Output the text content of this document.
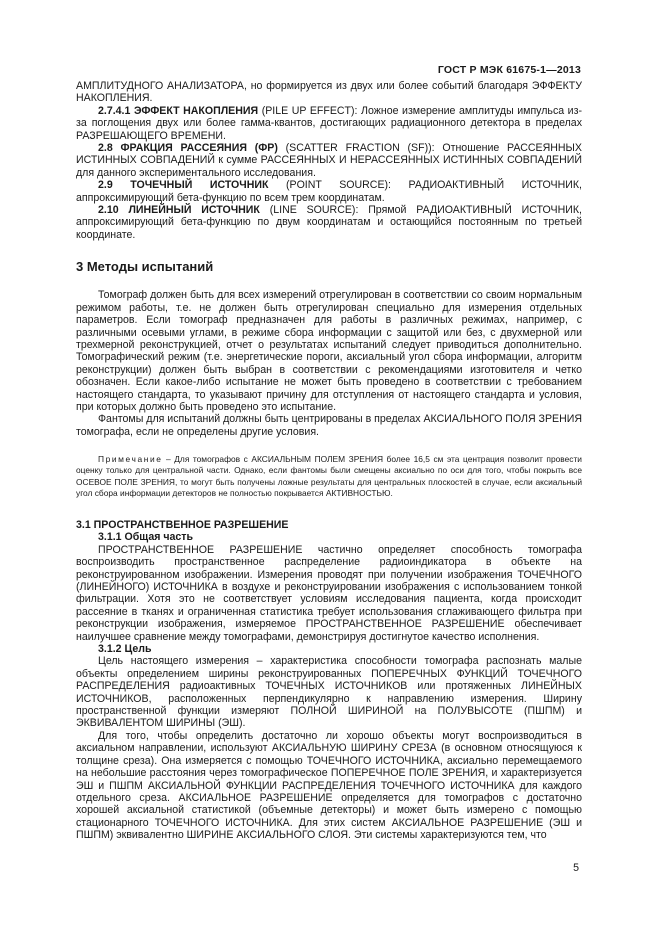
ГОСТ Р МЭК 61675-1—2013

АМПЛИТУДНОГО АНАЛИЗАТОРА, но формируется из двух или более событий благодаря ЭФФЕКТУ НАКОПЛЕНИЯ.

2.7.4.1 ЭФФЕКТ НАКОПЛЕНИЯ (PILE UP EFFECT): Ложное измерение амплитуды импульса из-за поглощения двух или более гамма-квантов, достигающих радиационного детектора в пределах РАЗРЕШАЮЩЕГО ВРЕМЕНИ.

2.8 ФРАКЦИЯ РАССЕЯНИЯ (ФР) (SCATTER FRACTION (SF)): Отношение РАССЕЯННЫХ ИСТИННЫХ СОВПАДЕНИЙ к сумме РАССЕЯННЫХ И НЕРАССЕЯННЫХ ИСТИННЫХ СОВПАДЕНИЙ для данного экспериментального исследования.

2.9 ТОЧЕЧНЫЙ ИСТОЧНИК (POINT SOURCE): РАДИОАКТИВНЫЙ ИСТОЧНИК, аппроксимирующий бета-функцию по всем трем координатам.

2.10 ЛИНЕЙНЫЙ ИСТОЧНИК (LINE SOURCE): Прямой РАДИОАКТИВНЫЙ ИСТОЧНИК, аппроксимирующий бета-функцию по двум координатам и остающийся постоянным по третьей координате.

3 Методы испытаний

Томограф должен быть для всех измерений отрегулирован в соответствии со своим нормальным режимом работы, т.е. не должен быть отрегулирован специально для измерения отдельных параметров. Если томограф предназначен для работы в различных режимах, например, с различными осевыми углами, в режиме сбора информации с защитой или без, с двухмерной или трехмерной реконструкцией, отчет о результатах испытаний следует приводиться дополнительно. Томографический режим (т.е. энергетические пороги, аксиальный угол сбора информации, алгоритм реконструкции) должен быть выбран в соответствии с рекомендациями изготовителя и четко обозначен. Если какое-либо испытание не может быть проведено в соответствии с требованием настоящего стандарта, то указывают причину для отступления от настоящего стандарта и условия, при которых должно быть проведено это испытание.

Фантомы для испытаний должны быть центрированы в пределах АКСИАЛЬНОГО ПОЛЯ ЗРЕНИЯ томографа, если не определены другие условия.

Примечание – Для томографов с АКСИАЛЬНЫМ ПОЛЕМ ЗРЕНИЯ более 16,5 см эта центрация позволит провести оценку только для центральной части. Однако, если фантомы были смещены аксиально по оси для того, чтобы покрыть все ОСЕВОЕ ПОЛЕ ЗРЕНИЯ, то могут быть получены ложные результаты для центральных плоскостей в случае, если аксиальный угол сбора информации детекторов не полностью покрывается АКТИВНОСТЬЮ.

3.1 ПРОСТРАНСТВЕННОЕ РАЗРЕШЕНИЕ
3.1.1 Общая часть

ПРОСТРАНСТВЕННОЕ РАЗРЕШЕНИЕ частично определяет способность томографа воспроизводить пространственное распределение радиоиндикатора в объекте на реконструированном изображении. Измерения проводят при получении изображения ТОЧЕЧНОГО (ЛИНЕЙНОГО) ИСТОЧНИКА в воздухе и реконструировании изображения с использованием тонкой фильтрации. Хотя это не соответствует условиям исследования пациента, когда происходит рассеяние в тканях и ограниченная статистика требует использования сглаживающего фильтра при реконструкции изображения, измеряемое ПРОСТРАНСТВЕННОЕ РАЗРЕШЕНИЕ обеспечивает наилучшее сравнение между томографами, демонстрируя достигнутое качество исполнения.

3.1.2 Цель

Цель настоящего измерения – характеристика способности томографа распознать малые объекты определением ширины реконструированных ПОПЕРЕЧНЫХ ФУНКЦИЙ ТОЧЕЧНОГО РАСПРЕДЕЛЕНИЯ радиоактивных ТОЧЕЧНЫХ ИСТОЧНИКОВ или протяженных ЛИНЕЙНЫХ ИСТОЧНИКОВ, расположенных перпендикулярно к направлению измерения. Ширину пространственной функции измеряют ПОЛНОЙ ШИРИНОЙ на ПОЛУВЫСОТЕ (ПШПМ) и ЭКВИВАЛЕНТОМ ШИРИНЫ (ЭШ).

Для того, чтобы определить достаточно ли хорошо объекты могут воспроизводиться в аксиальном направлении, используют АКСИАЛЬНУЮ ШИРИНУ СРЕЗА (в основном относящуюся к толщине среза). Она измеряется с помощью ТОЧЕЧНОГО ИСТОЧНИКА, аксиально перемещаемого на небольшие расстояния через томографическое ПОПЕРЕЧНОЕ ПОЛЕ ЗРЕНИЯ, и характеризуется ЭШ и ПШПМ АКСИАЛЬНОЙ ФУНКЦИИ РАСПРЕДЕЛЕНИЯ ТОЧЕЧНОГО ИСТОЧНИКА для каждого отдельного среза. АКСИАЛЬНОЕ РАЗРЕШЕНИЕ определяется для томографов с достаточно хорошей аксиальной статистикой (объемные детекторы) и может быть измерено с помощью стационарного ТОЧЕЧНОГО ИСТОЧНИКА. Для этих систем АКСИАЛЬНОЕ РАЗРЕШЕНИЕ (ЭШ и ПШПМ) эквивалентно ШИРИНЕ АКСИАЛЬНОГО СЛОЯ. Эти системы характеризуются тем, что

5
